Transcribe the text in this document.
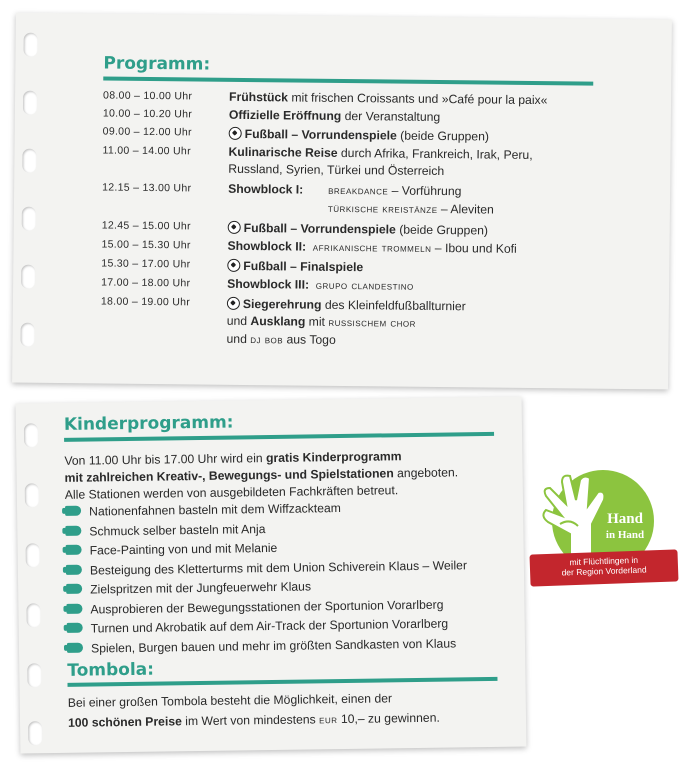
Programm:
08.00 – 10.00 Uhr	Frühstück mit frischen Croissants und »Café pour la paix«
10.00 – 10.20 Uhr	Offizielle Eröffnung der Veranstaltung
09.00 – 12.00 Uhr	Fußball – Vorrundenspiele (beide Gruppen)
11.00 – 14.00 Uhr	Kulinarische Reise durch Afrika, Frankreich, Irak, Peru,
Russland, Syrien, Türkei und Österreich
12.15 – 13.00 Uhr	Showblock I: breakdance – Vorführung
türkische kreistänze – Aleviten
12.45 – 15.00 Uhr	Fußball – Vorrundenspiele (beide Gruppen)
15.00 – 15.30 Uhr	Showblock II: afrikanische trommeln – Ibou und Kofi
15.30 – 17.00 Uhr	Fußball – Finalspiele
17.00 – 18.00 Uhr	Showblock III: grupo clandestino
18.00 – 19.00 Uhr	Siegerehrung des Kleinfeldfußballturnier
und Ausklang mit russischem chor
und dj bob aus Togo
Kinderprogramm:
Von 11.00 Uhr bis 17.00 Uhr wird ein gratis Kinderprogramm
mit zahlreichen Kreativ-, Bewegungs- und Spielstationen angeboten.
Alle Stationen werden von ausgebildeten Fachkräften betreut.
Nationenfahnen basteln mit dem Wiffzackteam
Schmuck selber basteln mit Anja
Face-Painting von und mit Melanie
Besteigung des Kletterturms mit dem Union Schiverein Klaus – Weiler
Zielspritzen mit der Jungfeuerwehr Klaus
Ausprobieren der Bewegungsstationen der Sportunion Vorarlberg
Turnen und Akrobatik auf dem Air-Track der Sportunion Vorarlberg
Spielen, Burgen bauen und mehr im größten Sandkasten von Klaus
Tombola:
Bei einer großen Tombola besteht die Möglichkeit, einen der
100 schönen Preise im Wert von mindestens eur 10,– zu gewinnen.
Hand
in Hand
mit Flüchtlingen in
der Region Vorderland
